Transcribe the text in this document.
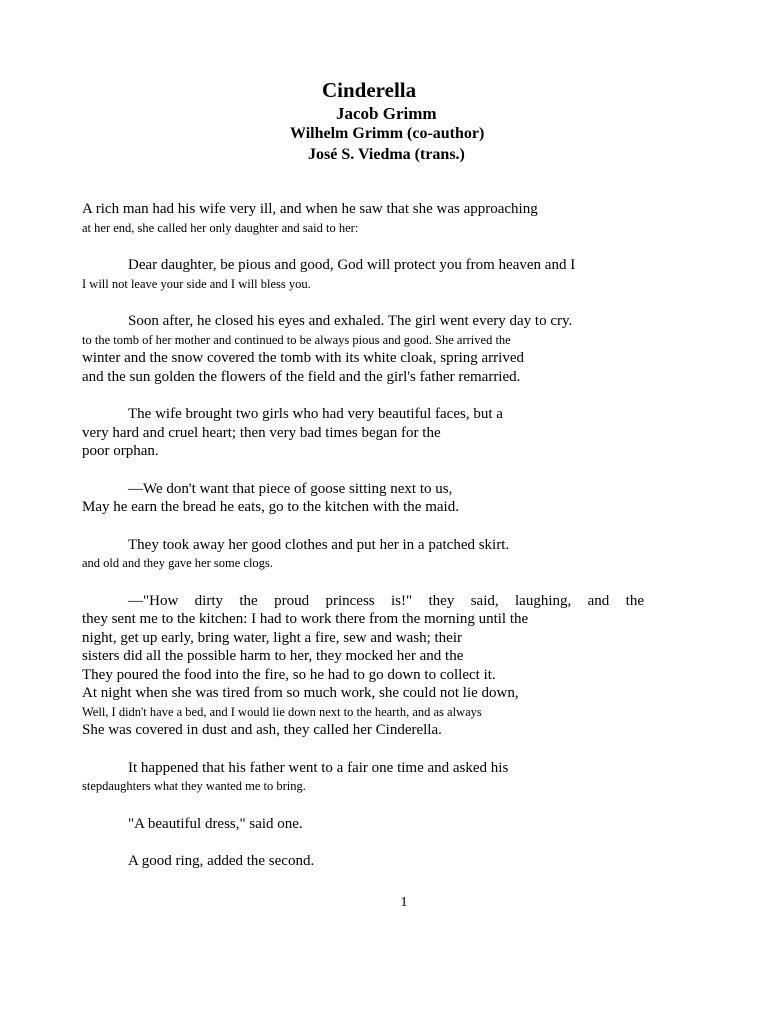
Cinderella
Jacob Grimm
Wilhelm Grimm (co-author)
José S. Viedma (trans.)

A rich man had his wife very ill, and when he saw that she was approaching
at her end, she called her only daughter and said to her:

Dear daughter, be pious and good, God will protect you from heaven and I
I will not leave your side and I will bless you.

Soon after, he closed his eyes and exhaled. The girl went every day to cry.
to the tomb of her mother and continued to be always pious and good. She arrived the
winter and the snow covered the tomb with its white cloak, spring arrived
and the sun golden the flowers of the field and the girl's father remarried.

The wife brought two girls who had very beautiful faces, but a
very hard and cruel heart; then very bad times began for the
poor orphan.

—We don't want that piece of goose sitting next to us,
May he earn the bread he eats, go to the kitchen with the maid.

They took away her good clothes and put her in a patched skirt.
and old and they gave her some clogs.

—"How dirty the proud princess is!" they said, laughing, and the
they sent me to the kitchen: I had to work there from the morning until the
night, get up early, bring water, light a fire, sew and wash; their
sisters did all the possible harm to her, they mocked her and the
They poured the food into the fire, so he had to go down to collect it.
At night when she was tired from so much work, she could not lie down,
Well, I didn't have a bed, and I would lie down next to the hearth, and as always
She was covered in dust and ash, they called her Cinderella.

It happened that his father went to a fair one time and asked his
stepdaughters what they wanted me to bring.

"A beautiful dress," said one.

A good ring, added the second.

1
